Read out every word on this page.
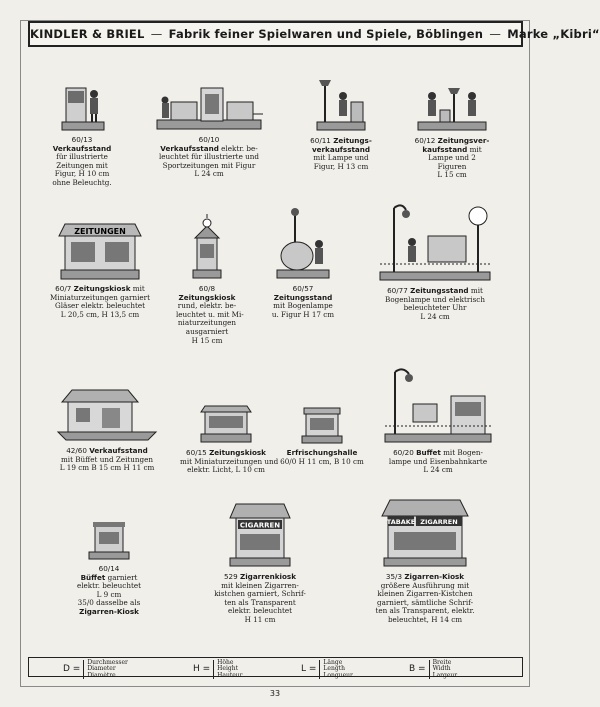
KINDLER & BRIEL — Fabrik feiner Spielwaren und Spiele, Böblingen — Marke „Kibri“
60/13
Verkaufsstand
für illustrierte
Zeitungen mit
Figur, H 10 cm
ohne Beleuchtg.
60/10
Verkaufsstand elektr. be-
leuchtet für illustrierte und
Sportzeitungen mit Figur
L 24 cm
60/11 Zeitungs-
verkaufsstand
mit Lampe und
Figur, H 13 cm
60/12 Zeitungsver-
kaufsstand mit
Lampe und 2
Figuren
L 15 cm
ZEITUNGEN
60/7 Zeitungskiosk mit
Miniaturzeitungen garniert
Gläser elektr. beleuchtet
L 20,5 cm, H 13,5 cm
60/8
Zeitungskiosk
rund, elektr. be-
leuchtet u. mit Mi-
niaturzeitungen
ausgarniert
H 15 cm
60/57
Zeitungsstand
mit Bogenlampe
u. Figur H 17 cm
60/77 Zeitungsstand mit
Bogenlampe und elektrisch
beleuchteter Uhr
L 24 cm
42/60 Verkaufsstand
mit Büffet und Zeitungen
L 19 cm B 15 cm H 11 cm
60/15 Zeitungskiosk
mit Miniaturzeitungen und
elektr. Licht, L 10 cm
Erfrischungshalle
60/0 H 11 cm, B 10 cm
60/20 Buffet mit Bogen-
lampe und Eisenbahnkarte
L 24 cm
60/14
Büffet garniert
elektr. beleuchtet
L 9 cm
35/0 dasselbe als
Zigarren-Kiosk
CIGARREN
529 Zigarrenkiosk
mit kleinen Zigarren-
kistchen garniert, Schrif-
ten als Transparent
elektr. beleuchtet
H 11 cm
TABAKE ZIGARREN
35/3 Zigarren-Kiosk
größere Ausführung mit
kleinen Zigarren-Kistchen
garniert, sämtliche Schrif-
ten als Transparent, elektr.
beleuchtet, H 14 cm
D =
Durchmesser
Diameter
Diamètre
H =
Höhe
Height
Hauteur
L =
Länge
Length
Longueur
B =
Breite
Width
Largeur
33
